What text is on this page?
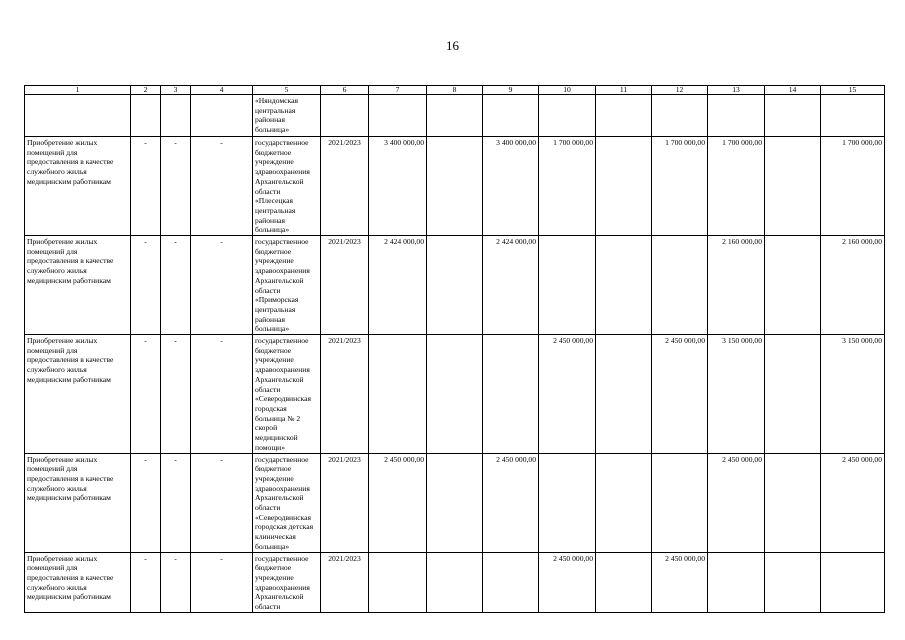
16
1	2	3	4	5	6	7	8	9	10	11	12	13	14	15
				«Няндомская центральная районная больница»										
Приобретение жилых помещений для предоставления в качестве служебного жилья медицинским работникам	-	-	-	государственное бюджетное учреждение здравоохранения Архангельской области «Плесецкая центральная районная больница»	2021/2023	3 400 000,00		3 400 000,00	1 700 000,00		1 700 000,00	1 700 000,00		1 700 000,00
Приобретение жилых помещений для предоставления в качестве служебного жилья медицинским работникам	-	-	-	государственное бюджетное учреждение здравоохранения Архангельской области «Приморская центральная районная больница»	2021/2023	2 424 000,00		2 424 000,00				2 160 000,00		2 160 000,00
Приобретение жилых помещений для предоставления в качестве служебного жилья медицинским работникам	-	-	-	государственное бюджетное учреждение здравоохранения Архангельской области «Северодвинская городская больница № 2 скорой медицинской помощи»	2021/2023				2 450 000,00		2 450 000,00	3 150 000,00		3 150 000,00
Приобретение жилых помещений для предоставления в качестве служебного жилья медицинским работникам	-	-	-	государственное бюджетное учреждение здравоохранения Архангельской области «Северодвинская городская детская клиническая больница»	2021/2023	2 450 000,00		2 450 000,00				2 450 000,00		2 450 000,00
Приобретение жилых помещений для предоставления в качестве служебного жилья медицинским работникам	-	-	-	государственное бюджетное учреждение здравоохранения Архангельской области	2021/2023				2 450 000,00		2 450 000,00			
